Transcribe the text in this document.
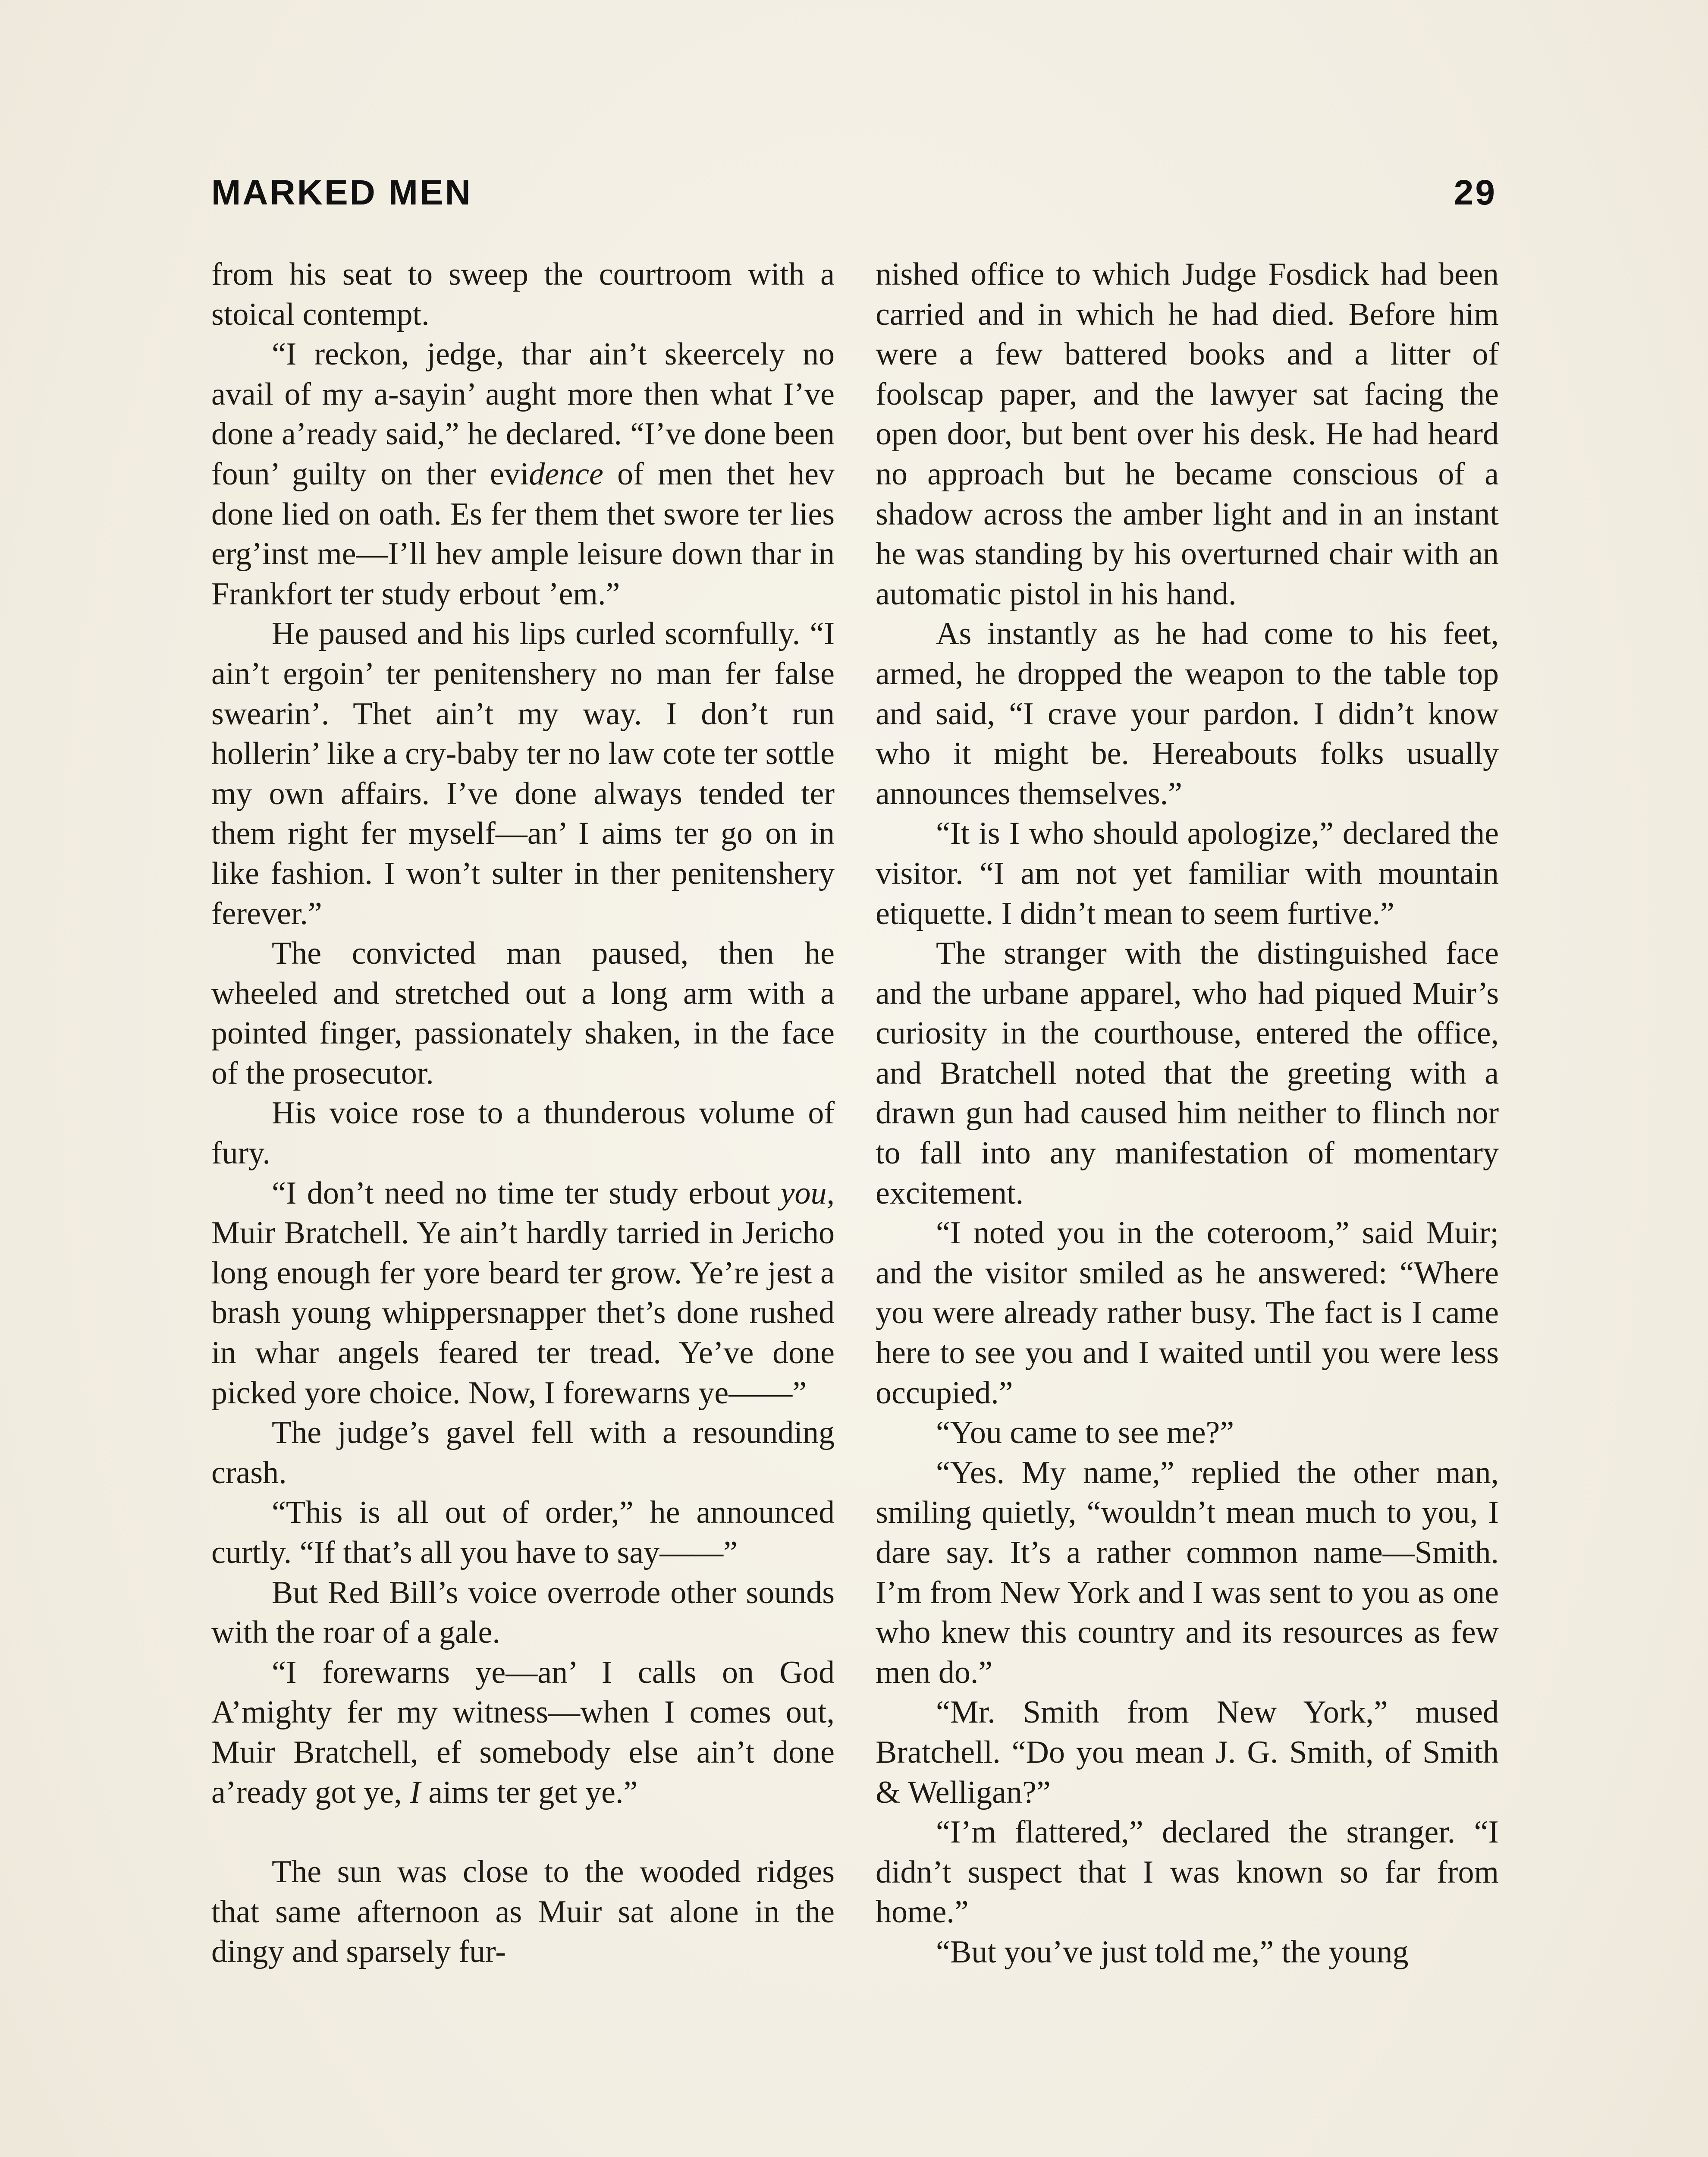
MARKED MEN	29

from his seat to sweep the courtroom with a stoical contempt.

“I reckon, jedge, thar ain’t skeercely no avail of my a-sayin’ aught more then what I’ve done a’ready said,” he declared. “I’ve done been foun’ guilty on ther evidence of men thet hev done lied on oath. Es fer them thet swore ter lies erg’inst me—I’ll hev ample leisure down thar in Frankfort ter study erbout ’em.”

He paused and his lips curled scornfully. “I ain’t ergoin’ ter penitenshery no man fer false swearin’. Thet ain’t my way. I don’t run hollerin’ like a cry-baby ter no law cote ter sottle my own affairs. I’ve done always tended ter them right fer myself—an’ I aims ter go on in like fashion. I won’t sulter in ther penitenshery ferever.”

The convicted man paused, then he wheeled and stretched out a long arm with a pointed finger, passionately shaken, in the face of the prosecutor.

His voice rose to a thunderous volume of fury.

“I don’t need no time ter study erbout you, Muir Bratchell. Ye ain’t hardly tarried in Jericho long enough fer yore beard ter grow. Ye’re jest a brash young whippersnapper thet’s done rushed in whar angels feared ter tread. Ye’ve done picked yore choice. Now, I forewarns ye——”

The judge’s gavel fell with a resounding crash.

“This is all out of order,” he announced curtly. “If that’s all you have to say——”

But Red Bill’s voice overrode other sounds with the roar of a gale.

“I forewarns ye—an’ I calls on God A’mighty fer my witness—when I comes out, Muir Bratchell, ef somebody else ain’t done a’ready got ye, I aims ter get ye.”

The sun was close to the wooded ridges that same afternoon as Muir sat alone in the dingy and sparsely fur-

nished office to which Judge Fosdick had been carried and in which he had died. Before him were a few battered books and a litter of foolscap paper, and the lawyer sat facing the open door, but bent over his desk. He had heard no approach but he became conscious of a shadow across the amber light and in an instant he was standing by his overturned chair with an automatic pistol in his hand.

As instantly as he had come to his feet, armed, he dropped the weapon to the table top and said, “I crave your pardon. I didn’t know who it might be. Hereabouts folks usually announces themselves.”

“It is I who should apologize,” declared the visitor. “I am not yet familiar with mountain etiquette. I didn’t mean to seem furtive.”

The stranger with the distinguished face and the urbane apparel, who had piqued Muir’s curiosity in the courthouse, entered the office, and Bratchell noted that the greeting with a drawn gun had caused him neither to flinch nor to fall into any manifestation of momentary excitement.

“I noted you in the coteroom,” said Muir; and the visitor smiled as he answered: “Where you were already rather busy. The fact is I came here to see you and I waited until you were less occupied.”

“You came to see me?”

“Yes. My name,” replied the other man, smiling quietly, “wouldn’t mean much to you, I dare say. It’s a rather common name—Smith. I’m from New York and I was sent to you as one who knew this country and its resources as few men do.”

“Mr. Smith from New York,” mused Bratchell. “Do you mean J. G. Smith, of Smith & Welligan?”

“I’m flattered,” declared the stranger. “I didn’t suspect that I was known so far from home.”

“But you’ve just told me,” the young
